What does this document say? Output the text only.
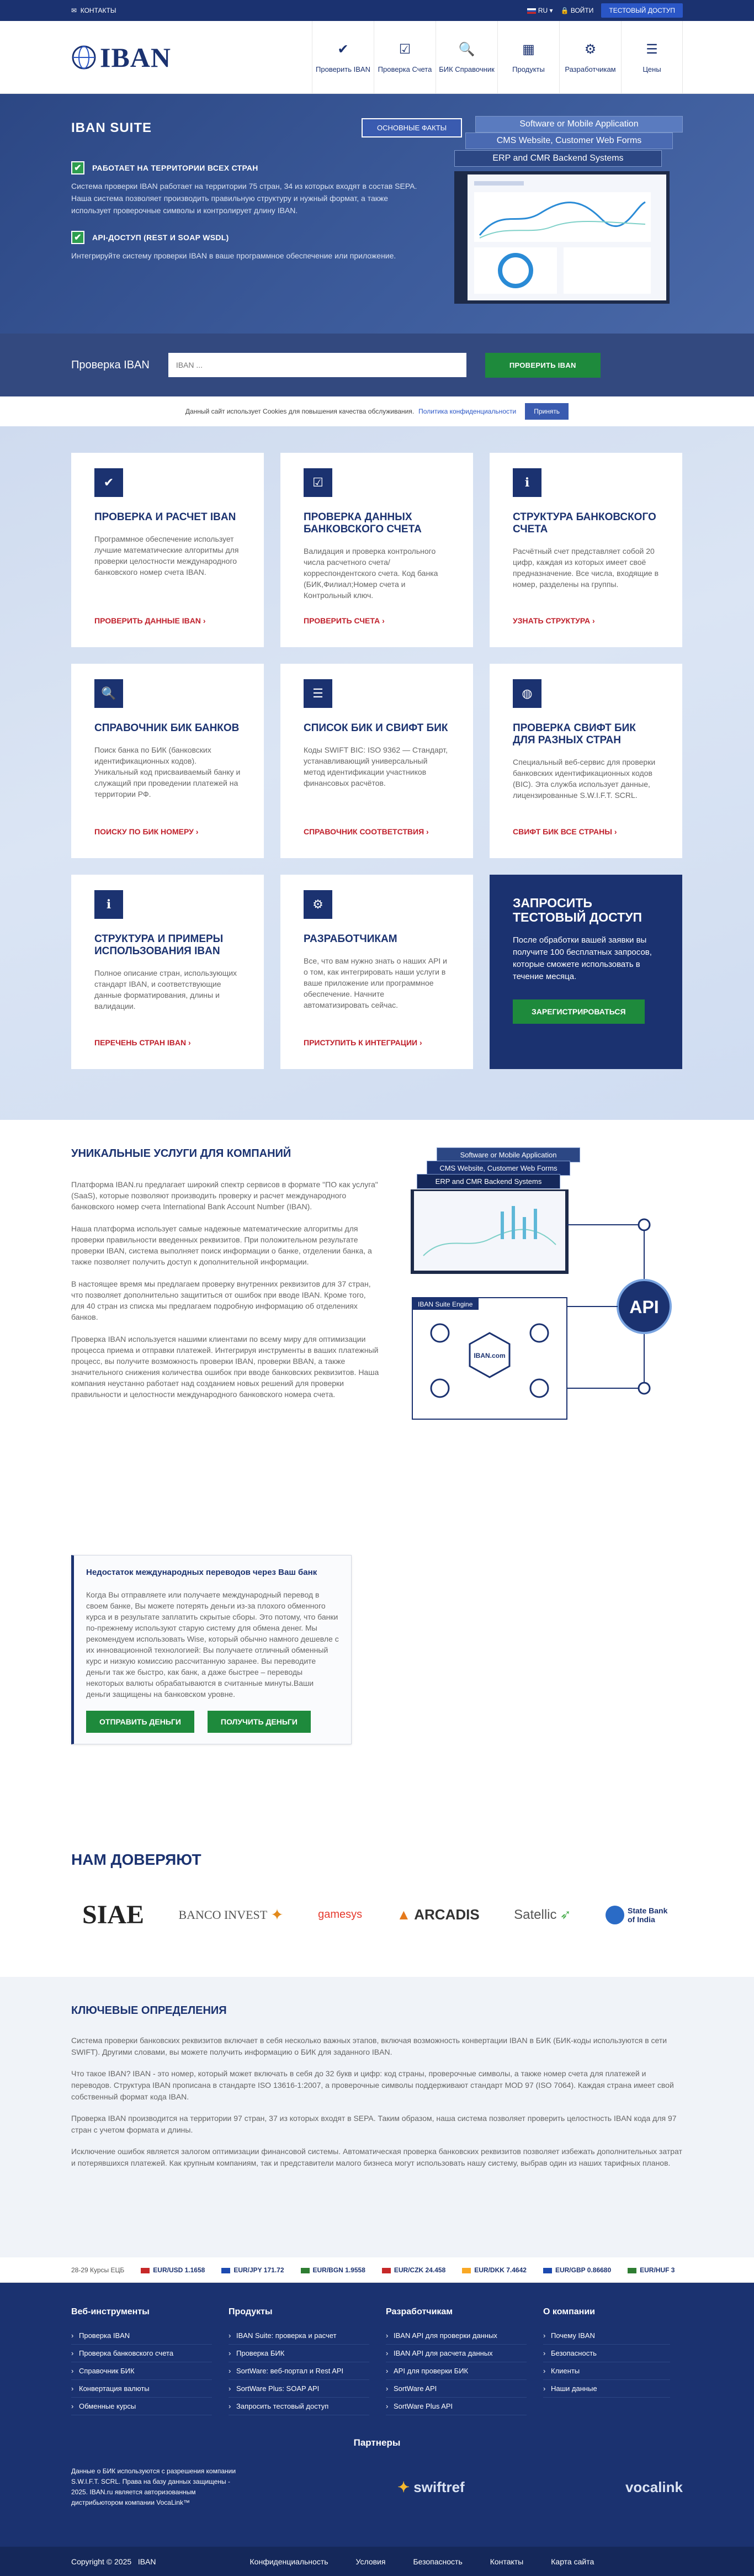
✉ КОНТАКТЫ	RU ▾ 🔒 ВОЙТИ	ТЕСТОВЫЙ ДОСТУП
IBAN	✔
Проверить IBAN
☑
Проверка Счета
🔍
БИК Справочник
▦
Продукты
⚙
Разработчикам
☰
Цены
IBAN SUITE	ОСНОВНЫЕ ФАКТЫ
✔	РАБОТАЕТ НА ТЕРРИТОРИИ ВСЕХ СТРАН

Система проверки IBAN работает на территории 75 стран, 34 из которых входят в состав SEPA. Наша система позволяет производить правильную структуру и нужный формат, а также использует проверочные символы и контролирует длину IBAN.

✔	API-ДОСТУП (REST И SOAP WSDL)

Интегрируйте систему проверки IBAN в ваше программное обеспечение или приложение.

Software or Mobile Application
CMS Website, Customer Web Forms
ERP and CMR Backend Systems
Проверка IBAN
IBAN ...	ПРОВЕРИТЬ IBAN
Данный сайт использует Cookies для повышения качества обслуживания. Политика конфиденциальности	Принять
✔
ПРОВЕРКА И РАСЧЕТ IBAN

Программное обеспечение использует лучшие математические алгоритмы для проверки целостности международного банковского номер счета IBAN.

ПРОВЕРИТЬ ДАННЫЕ IBAN ›
☑
ПРОВЕРКА ДАННЫХ БАНКОВСКОГО СЧЕТА

Валидация и проверка контрольного числа расчетного счета/корреспондентского счета. Код банка (БИК,Филиал;Номер счета и Контрольный ключ.

ПРОВЕРИТЬ СЧЕТА ›
ℹ
СТРУКТУРА БАНКОВСКОГО СЧЕТА

Расчётный счет представляет собой 20 цифр, каждая из которых имеет своё предназначение. Все числа, входящие в номер, разделены на группы.

УЗНАТЬ СТРУКТУРА ›
🔍
СПРАВОЧНИК БИК БАНКОВ

Поиск банка по БИК (банковских идентификационных кодов). Уникальный код присваиваемый банку и служащий при проведении платежей на территории РФ.

ПОИСКУ ПО БИК НОМЕРУ ›
☰
СПИСОК БИК И СВИФТ БИК

Коды SWIFT BIC: ISO 9362 — Стандарт, устанавливающий универсальный метод идентификации участников финансовых расчётов.

СПРАВОЧНИК СООТВЕТСТВИЯ ›
◍
ПРОВЕРКА СВИФТ БИК ДЛЯ РАЗНЫХ СТРАН

Специальный веб-сервис для проверки банковских идентификационных кодов (BIC). Эта служба использует данные, лицензированные S.W.I.F.T. SCRL.

СВИФТ БИК ВСЕ СТРАНЫ ›
ℹ
СТРУКТУРА И ПРИМЕРЫ ИСПОЛЬЗОВАНИЯ IBAN

Полное описание стран, использующих стандарт IBAN, и соответствующие данные форматирования, длины и валидации.

ПЕРЕЧЕНЬ СТРАН IBAN ›
⚙
РАЗРАБОТЧИКАМ

Все, что вам нужно знать о наших API и о том, как интегрировать наши услуги в ваше приложение или программное обеспечение. Начните автоматизировать сейчас.

ПРИСТУПИТЬ К ИНТЕГРАЦИИ ›
ЗАПРОСИТЬ ТЕСТОВЫЙ ДОСТУП

После обработки вашей заявки вы получите 100 бесплатных запросов, которые сможете использовать в течение месяца.

ЗАРЕГИСТРИРОВАТЬСЯ
УНИКАЛЬНЫЕ УСЛУГИ ДЛЯ КОМПАНИЙ

Платформа IBAN.ru предлагает широкий спектр сервисов в формате "ПО как услуга" (SaaS), которые позволяют производить проверку и расчет международного банковского номер счета International Bank Account Number (IBAN).

Наша платформа использует самые надежные математические алгоритмы для проверки правильности введенных реквизитов. При положительном результате проверки IBAN, система выполняет поиск информации о банке, отделении банка, а также позволяет получить доступ к дополнительной информации.

В настоящее время мы предлагаем проверку внутренних реквизитов для 37 стран, что позволяет дополнительно защититься от ошибок при вводе IBAN. Кроме того, для 40 стран из списка мы предлагаем подробную информацию об отделениях банков.

Проверка IBAN используется нашими клиентами по всему миру для оптимизации процесса приема и отправки платежей. Интегрируя инструменты в ваших платежный процесс, вы получите возможность проверки IBAN, проверки BBAN, а также значительного снижения количества ошибок при вводе банковских реквизитов. Наша компания неустанно работает над созданием новых решений для проверки правильности и целостности международного банковского номера счета.

Software or Mobile Application
CMS Website, Customer Web Forms
ERP and CMR Backend Systems
API
IBAN Suite Engine
IBAN.com
Недостаток международных переводов через Ваш банк

Когда Вы отправляете или получаете международный перевод в своем банке, Вы можете потерять деньги из-за плохого обменного курса и в результате заплатить скрытые сборы. Это потому, что банки по-прежнему используют старую систему для обмена денег. Мы рекомендуем использовать Wise, который обычно намного дешевле с их инновационной технологией: Вы получаете отличный обменный курс и низкую комиссию рассчитанную заранее. Вы переводите деньги так же быстро, как банк, а даже быстрее – переводы некоторых валюты обрабатываются в считанные минуты.Ваши деньги защищены на банковском уровне.

ОТПРАВИТЬ ДЕНЬГИ	ПОЛУЧИТЬ ДЕНЬГИ
НАМ ДОВЕРЯЮТ
SIAE	BANCO INVEST ✦	gamesys ▲ ARCADIS	Satellic ➶	State Bank of India
КЛЮЧЕВЫЕ ОПРЕДЕЛЕНИЯ

Система проверки банковских реквизитов включает в себя несколько важных этапов, включая возможность конвертации IBAN в БИК (БИК-коды используются в сети SWIFT). Другими словами, вы можете получить информацию о БИК для заданного IBAN.

Что такое IBAN? IBAN - это номер, который может включать в себя до 32 букв и цифр: код страны, проверочные символы, а также номер счета для платежей и переводов. Структура IBAN прописана в стандарте ISO 13616-1:2007, а проверочные символы поддерживают стандарт MOD 97 (ISO 7064). Каждая страна имеет свой собственный формат кода IBAN.

Проверка IBAN производится на территории 97 стран, 37 из которых входят в SEPA. Таким образом, наша система позволяет проверить целостность IBAN кода для 97 стран с учетом формата и длины.

Исключение ошибок является залогом оптимизации финансовой системы. Автоматическая проверка банковских реквизитов позволяет избежать дополнительных затрат и потерявшихся платежей. Как крупным компаниям, так и представители малого бизнеса могут использовать нашу систему, выбрав один из наших тарифных планов.

28-29 Курсы ЕЦБ	EUR/USD 1.1658	EUR/JPY 171.72	EUR/BGN 1.9558	EUR/CZK 24.458	EUR/DKK 7.4642	EUR/GBP 0.86680	EUR/HUF 3
Веб-инструменты
› Проверка IBAN
› Проверка банковского счета
› Справочник БИК
› Конвертация валюты
› Обменные курсы
Продукты
› IBAN Suite: проверка и расчет
› Проверка БИК
› SortWare: веб-портал и Rest API
› SortWare Plus: SOAP API
› Запросить тестовый доступ
Разработчикам
› IBAN API для проверки данных
› IBAN API для расчета данных
› API для проверки БИК
› SortWare API
› SortWare Plus API
О компании
› Почему IBAN
› Безопасность
› Клиенты
› Наши данные
Партнеры

Данные о БИК используются с разрешения компании S.W.I.F.T. SCRL. Права на базу данных защищены - 2025. IBAN.ru является авторизованным дистрибьютором компании VocaLink™

✦ swiftref	vocalink
Copyright © 2025
IBAN	Конфиденциальность	Условия	Безопасность	Контакты	Карта сайта
